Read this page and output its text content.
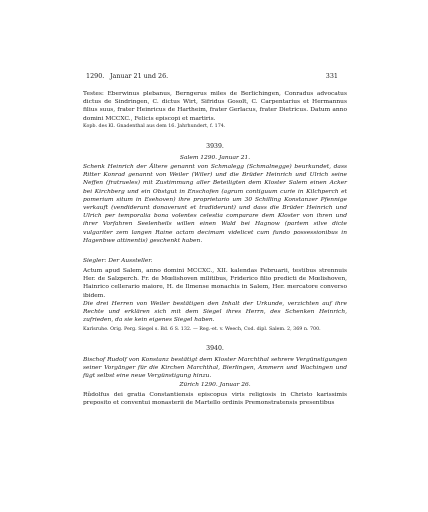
1290. Januar 21 und 26.	331

Testes: Eberwinus plebanus, Berngerus miles de Berlichingen, Conradus advocatus dictus de Sindringen, C. dictus Wirt, Sifridus Gosolt, C. Carpentarius et Hermannus filius suus, frater Heinricus de Hartheim, frater Gerlacus, frater Dietricus. Datum anno domini MCCXC., Felicis episcopi et martiris.

Kopb. des Kl. Gnadenthal aus dem 16. Jahrhundert, f. 174.

3939.

Salem 1290. Januar 21.

Schenk Heinrich der Ältere genannt von Schmalegg (Schmalnegge) beurkundet, dass Ritter Konrad genannt von Weiler (Wiler) und die Brüder Heinrich und Ulrich seine Neffen (fratrueles) mit Zustimmung aller Beteiligten dem Kloster Salem einen Acker bei Kirchberg und ein Obstgut in Enschofen (agrum contiguum curie in Kilchperch et pomerium situm in Esehoven) ihre proprietario um 30 Schilling Konstanzer Pfennige verkauft (vendiderunt donaverunt et tradiderunt) und dass die Brüder Heinrich und Ulrich per temporalia bona volentes celestia comparare dem Kloster von ihren und ihrer Vorfahren Seelenheils willen einen Wald bei Hagnow (partem silve dicte vulgariter zem langen Raine actam decimam videlicet cum fundo possessionibus in Hagenbwe attinentis) geschenkt haben.

Siegler: Der Aussteller.

Actum apud Salem, anno domini MCCXC., XII. kalendas Februarii, testibus strennuis Her. de Salzperch. Fr. de Mœlishoven militibus, Friderico filio predicti de Mœlishoven, Hainrico cellerario maiore, H. de Ilmense monachis in Salem, Her. mercatore converso ibidem.

Die drei Herren von Weiler bestätigen den Inhalt der Urkunde, verzichten auf ihre Rechte und erklären sich mit dem Siegel ihres Herrn, des Schenken Heinrich, zufrieden, da sie kein eigenes Siegel haben.

Karlsruhe. Orig. Perg. Siegel s. Bd. 6 S. 132. — Reg.-et. v. Weech, Cod. dipl. Salem. 2, 369 n. 700.

3940.

Bischof Rudolf von Konstanz bestätigt dem Kloster Marchthal sehrere Vergünstigungen seiner Vorgänger für die Kirchen Marchthal, Bierlingen, Ammern und Wachingen und fügt selbst eine neue Vergünstigung hinzu.

Zürich 1290. Januar 26.

Rûdolfus dei gratia Constantiensis episcopus viris religiosis in Christo karissimis preposito et conventui monasterii de Martello ordinis Premonstratensis presentibus
